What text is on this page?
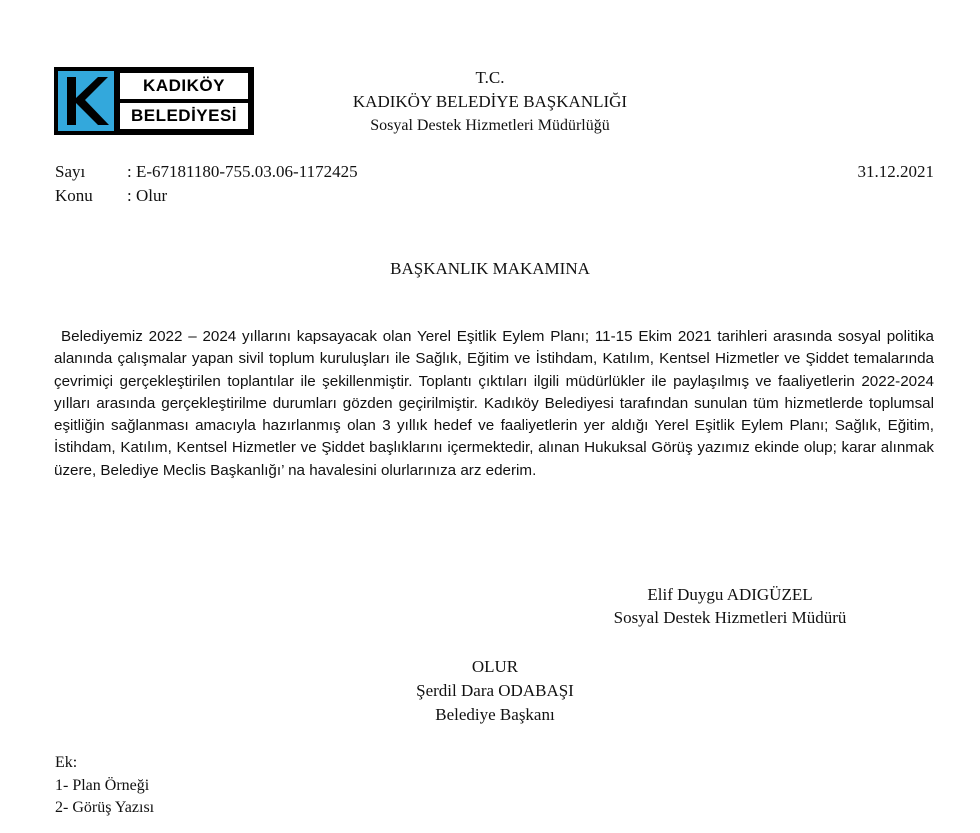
KADIKÖY
BELEDİYESİ
T.C.
KADIKÖY BELEDİYE BAŞKANLIĞI
Sosyal Destek Hizmetleri Müdürlüğü
Sayı : E-67181180-755.03.06-1172425
Konu : Olur
31.12.2021
BAŞKANLIK MAKAMINA
Belediyemiz 2022 – 2024 yıllarını kapsayacak olan Yerel Eşitlik Eylem Planı; 11-15 Ekim 2021 tarihleri arasında sosyal politika alanında çalışmalar yapan sivil toplum kuruluşları ile Sağlık, Eğitim ve İstihdam, Katılım, Kentsel Hizmetler ve Şiddet temalarında çevrimiçi gerçekleştirilen toplantılar ile şekillenmiştir. Toplantı çıktıları ilgili müdürlükler ile paylaşılmış ve faaliyetlerin 2022-2024 yılları arasında gerçekleştirilme durumları gözden geçirilmiştir. Kadıköy Belediyesi tarafından sunulan tüm hizmetlerde toplumsal eşitliğin sağlanması amacıyla hazırlanmış olan 3 yıllık hedef ve faaliyetlerin yer aldığı Yerel Eşitlik Eylem Planı; Sağlık, Eğitim, İstihdam, Katılım, Kentsel Hizmetler ve Şiddet başlıklarını içermektedir, alınan Hukuksal Görüş yazımız ekinde olup; karar alınmak üzere, Belediye Meclis Başkanlığı’ na havalesini olurlarınıza arz ederim.
Elif Duygu ADIGÜZEL
Sosyal Destek Hizmetleri Müdürü
OLUR
Şerdil Dara ODABAŞI
Belediye Başkanı
Ek:
1- Plan Örneği
2- Görüş Yazısı
